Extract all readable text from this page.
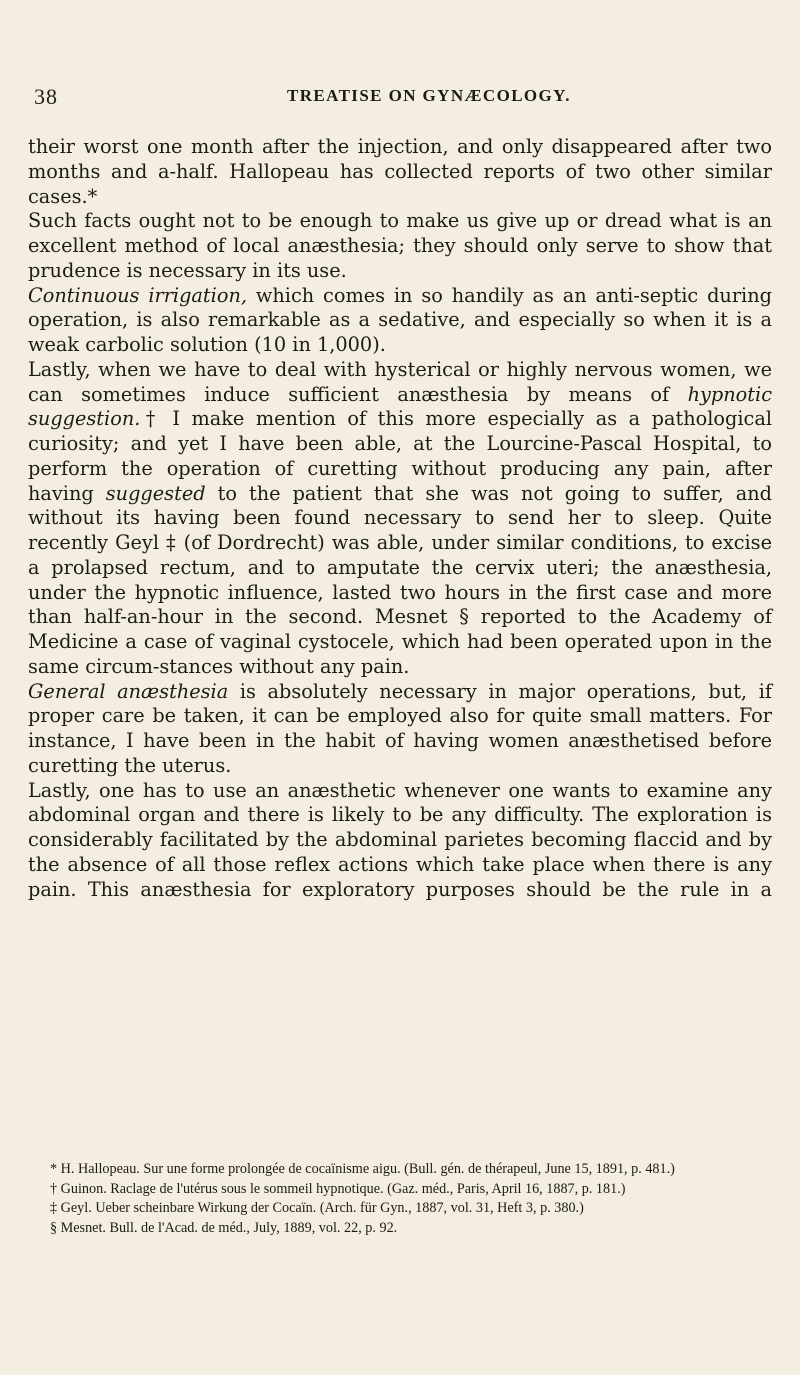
38	TREATISE ON GYNÆCOLOGY.

their worst one month after the injection, and only disappeared after two months and a-half. Hallopeau has collected reports of two other similar cases.*

Such facts ought not to be enough to make us give up or dread what is an excellent method of local anæsthesia; they should only serve to show that prudence is necessary in its use.

Continuous irrigation, which comes in so handily as an anti-septic during operation, is also remarkable as a sedative, and especially so when it is a weak carbolic solution (10 in 1,000).

Lastly, when we have to deal with hysterical or highly nervous women, we can sometimes induce sufficient anæsthesia by means of hypnotic suggestion.† I make mention of this more especially as a pathological curiosity; and yet I have been able, at the Lourcine-Pascal Hospital, to perform the operation of curetting without producing any pain, after having suggested to the patient that she was not going to suffer, and without its having been found necessary to send her to sleep. Quite recently Geyl ‡ (of Dordrecht) was able, under similar conditions, to excise a prolapsed rectum, and to amputate the cervix uteri; the anæsthesia, under the hypnotic influence, lasted two hours in the first case and more than half-an-hour in the second. Mesnet § reported to the Academy of Medicine a case of vaginal cystocele, which had been operated upon in the same circum-stances without any pain.

General anæsthesia is absolutely necessary in major operations, but, if proper care be taken, it can be employed also for quite small matters. For instance, I have been in the habit of having women anæsthetised before curetting the uterus.

Lastly, one has to use an anæsthetic whenever one wants to examine any abdominal organ and there is likely to be any difficulty. The exploration is considerably facilitated by the abdominal parietes becoming flaccid and by the absence of all those reflex actions which take place when there is any pain. This anæsthesia for exploratory purposes should be the rule in a

* H. Hallopeau. Sur une forme prolongée de cocaïnisme aigu. (Bull. gén. de thérapeul, June 15, 1891, p. 481.)

† Guinon. Raclage de l'utérus sous le sommeil hypnotique. (Gaz. méd., Paris, April 16, 1887, p. 181.)

‡ Geyl. Ueber scheinbare Wirkung der Cocaïn. (Arch. für Gyn., 1887, vol. 31, Heft 3, p. 380.)

§ Mesnet. Bull. de l'Acad. de méd., July, 1889, vol. 22, p. 92.
